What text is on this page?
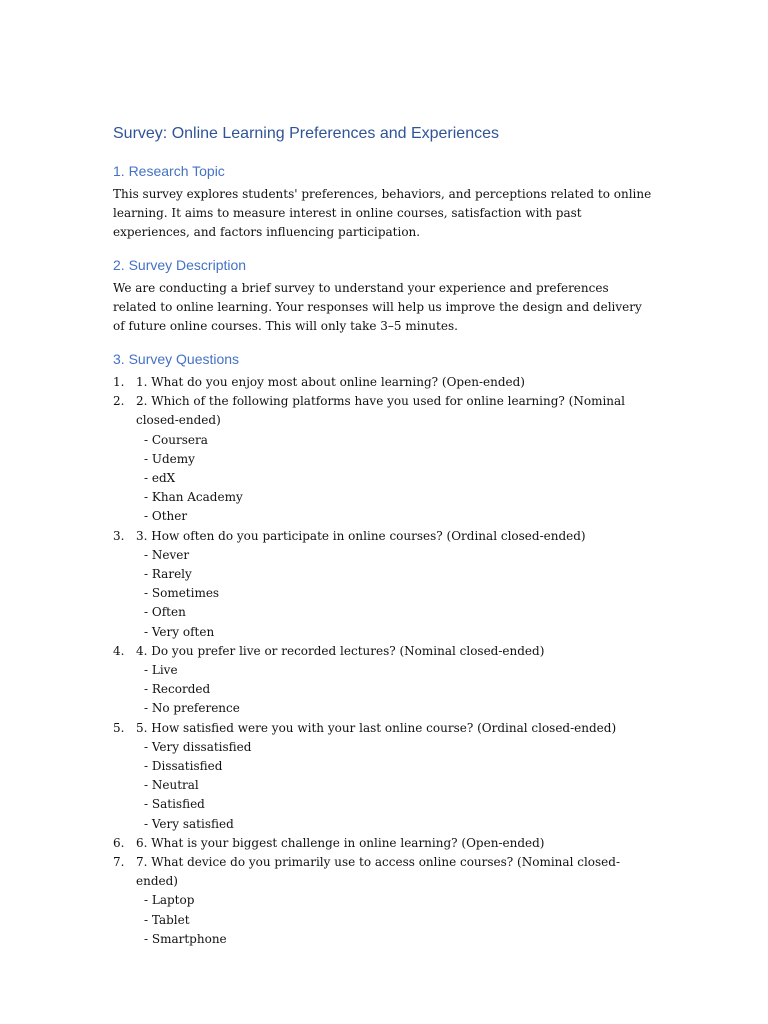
Survey: Online Learning Preferences and Experiences
1. Research Topic

This survey explores students' preferences, behaviors, and perceptions related to online learning. It aims to measure interest in online courses, satisfaction with past experiences, and factors influencing participation.

2. Survey Description

We are conducting a brief survey to understand your experience and preferences related to online learning. Your responses will help us improve the design and delivery of future online courses. This will only take 3–5 minutes.

3. Survey Questions
1. 1. What do you enjoy most about online learning? (Open-ended)
2. 2. Which of the following platforms have you used for online learning? (Nominal closed-ended)
- Coursera
- Udemy
- edX
- Khan Academy
- Other
3. 3. How often do you participate in online courses? (Ordinal closed-ended)
- Never
- Rarely
- Sometimes
- Often
- Very often
4. 4. Do you prefer live or recorded lectures? (Nominal closed-ended)
- Live
- Recorded
- No preference
5. 5. How satisfied were you with your last online course? (Ordinal closed-ended)
- Very dissatisfied
- Dissatisfied
- Neutral
- Satisfied
- Very satisfied
6. 6. What is your biggest challenge in online learning? (Open-ended)
7. 7. What device do you primarily use to access online courses? (Nominal closed-ended)
- Laptop
- Tablet
- Smartphone
